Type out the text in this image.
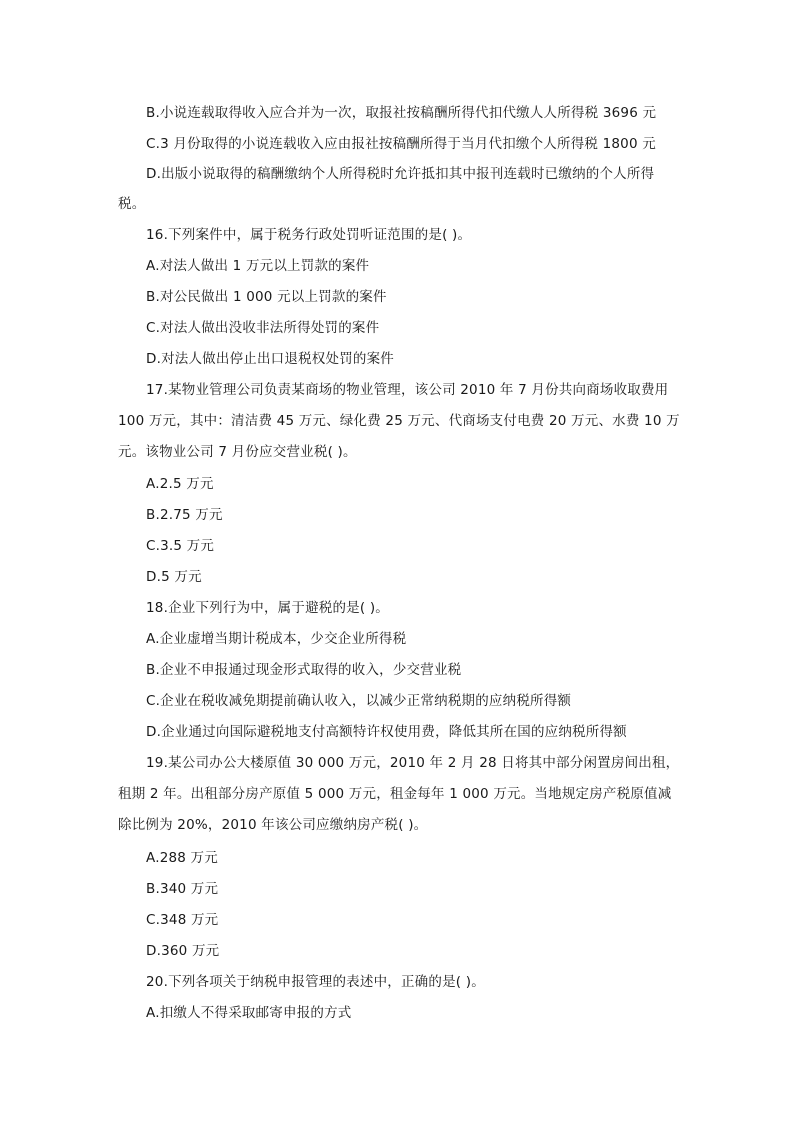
B.小说连载取得收入应合并为一次，取报社按稿酬所得代扣代缴人人所得税 3696 元
C.3 月份取得的小说连载收入应由报社按稿酬所得于当月代扣缴个人所得税 1800 元
D.出版小说取得的稿酬缴纳个人所得税时允许抵扣其中报刊连载时已缴纳的个人所得
税。
16.下列案件中，属于税务行政处罚听证范围的是( )。
A.对法人做出 1 万元以上罚款的案件
B.对公民做出 1 000 元以上罚款的案件
C.对法人做出没收非法所得处罚的案件
D.对法人做出停止出口退税权处罚的案件
17.某物业管理公司负责某商场的物业管理，该公司 2010 年 7 月份共向商场收取费用
100 万元，其中：清洁费 45 万元、绿化费 25 万元、代商场支付电费 20 万元、水费 10 万
元。该物业公司 7 月份应交营业税( )。
A.2.5 万元
B.2.75 万元
C.3.5 万元
D.5 万元
18.企业下列行为中，属于避税的是( )。
A.企业虚增当期计税成本，少交企业所得税
B.企业不申报通过现金形式取得的收入，少交营业税
C.企业在税收减免期提前确认收入，以减少正常纳税期的应纳税所得额
D.企业通过向国际避税地支付高额特许权使用费，降低其所在国的应纳税所得额
19.某公司办公大楼原值 30 000 万元，2010 年 2 月 28 日将其中部分闲置房间出租，
租期 2 年。出租部分房产原值 5 000 万元，租金每年 1 000 万元。当地规定房产税原值减
除比例为 20%，2010 年该公司应缴纳房产税( )。
A.288 万元
B.340 万元
C.348 万元
D.360 万元
20.下列各项关于纳税申报管理的表述中，正确的是( )。
A.扣缴人不得采取邮寄申报的方式
